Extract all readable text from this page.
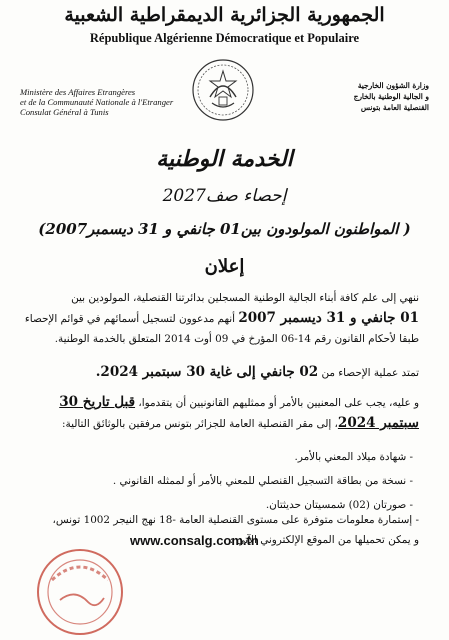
الجمهورية الجزائرية الديمقراطية الشعبية
République Algérienne Démocratique et Populaire
Ministère des Affaires Etrangères
et de la Communauté Nationale à l'Etranger
Consulat Général à Tunis
وزارة الشؤون الخارجية
و الجالية الوطنية بالخارج
القنصلية العامة بتونس
الخدمة الوطنية
إحصاء صف2027
( المواطنون المولودون بين01 جانفي و 31 ديسمبر2007)
إعلان
ننهي إلى علم كافة أبناء الجالية الوطنية المسجلين بدائرتنا القنصلية، المولودين بين
01 جانفي و 31 ديسمبر 2007 أنهم مدعوون لتسجيل أسمائهم في قوائم الإحصاء
طبقا لأحكام القانون رقم 14-06 المؤرخ في 09 أوت 2014 المتعلق بالخدمة الوطنية.
تمتد عملية الإحصاء من 02 جانفي إلى غاية 30 سبتمبر 2024.
و عليه، يجب على المعنيين بالأمر أو ممثليهم القانونيين أن يتقدموا، قبل تاريخ 30
سبتمبر 2024، إلى مقر القنصلية العامة للجزائر بتونس مرفقين بالوثائق التالية:
- شهادة ميلاد المعني بالأمر.
- نسخة من بطاقة التسجيل القنصلي للمعني بالأمر أو لممثله القانوني .
- صورتان (02) شمسيتان حديثتان.
- إستمارة معلومات متوفرة على مستوى القنصلية العامة -18 نهج النيجر 1002 تونس،
و يمكن تحميلها من الموقع الإلكتروني الآتي :
www.consalg.com.tn
